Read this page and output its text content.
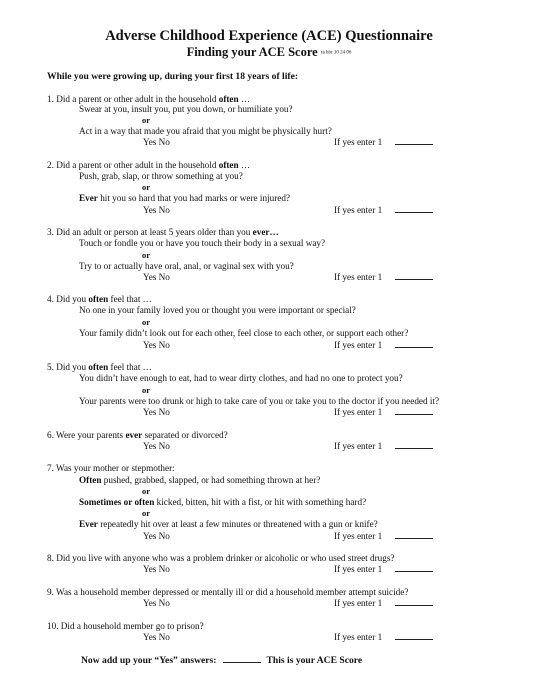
Adverse Childhood Experience (ACE) Questionnaire
Finding your ACE Score ra hbr 10 24 06
While you were growing up, during your first 18 years of life:
1. Did a parent or other adult in the household often …
Swear at you, insult you, put you down, or humiliate you?
or
Act in a way that made you afraid that you might be physically hurt?
Yes No	If yes enter 1
2. Did a parent or other adult in the household often …
Push, grab, slap, or throw something at you?
or
Ever hit you so hard that you had marks or were injured?
Yes No	If yes enter 1
3. Did an adult or person at least 5 years older than you ever…
Touch or fondle you or have you touch their body in a sexual way?
or
Try to or actually have oral, anal, or vaginal sex with you?
Yes No	If yes enter 1
4. Did you often feel that …
No one in your family loved you or thought you were important or special?
or
Your family didn’t look out for each other, feel close to each other, or support each other?
Yes No	If yes enter 1
5. Did you often feel that …
You didn’t have enough to eat, had to wear dirty clothes, and had no one to protect you?
or
Your parents were too drunk or high to take care of you or take you to the doctor if you needed it?
Yes No	If yes enter 1
6. Were your parents ever separated or divorced?
Yes No	If yes enter 1
7. Was your mother or stepmother:
Often pushed, grabbed, slapped, or had something thrown at her?
or
Sometimes or often kicked, bitten, hit with a fist, or hit with something hard?
or
Ever repeatedly hit over at least a few minutes or threatened with a gun or knife?
Yes No	If yes enter 1
8. Did you live with anyone who was a problem drinker or alcoholic or who used street drugs?
Yes No	If yes enter 1
9. Was a household member depressed or mentally ill or did a household member attempt suicide?
Yes No	If yes enter 1
10. Did a household member go to prison?
Yes No	If yes enter 1
Now add up your “Yes” answers:	This is your ACE Score
